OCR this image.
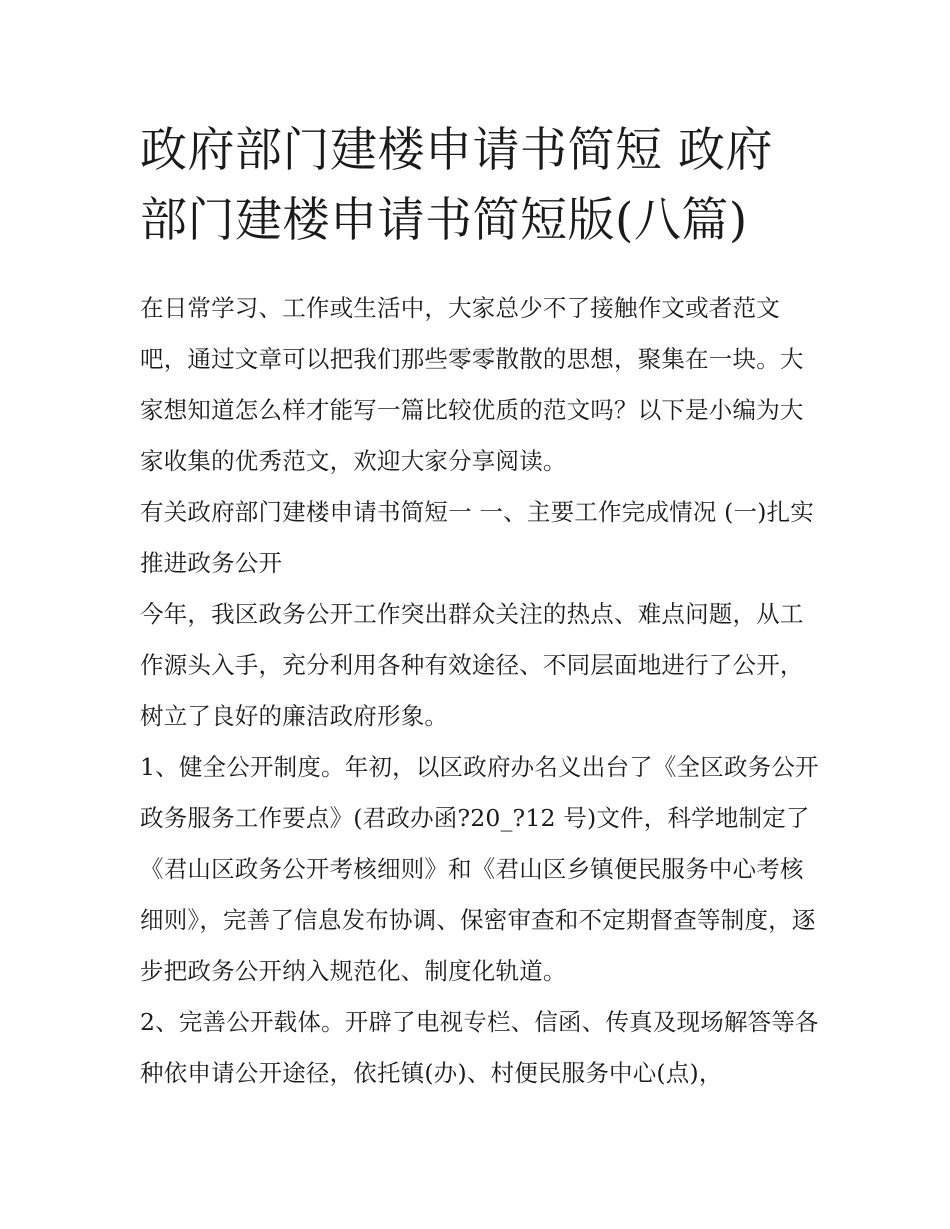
政府部门建楼申请书简短 政府部门建楼申请书简短版(八篇)

在日常学习、工作或生活中，大家总少不了接触作文或者范文吧，通过文章可以把我们那些零零散散的思想，聚集在一块。大家想知道怎么样才能写一篇比较优质的范文吗？以下是小编为大家收集的优秀范文，欢迎大家分享阅读。

有关政府部门建楼申请书简短一 一、主要工作完成情况 (一)扎实推进政务公开

今年，我区政务公开工作突出群众关注的热点、难点问题，从工作源头入手，充分利用各种有效途径、不同层面地进行了公开，树立了良好的廉洁政府形象。

1、健全公开制度。年初，以区政府办名义出台了《全区政务公开政务服务工作要点》(君政办函?20_?12 号)文件，科学地制定了《君山区政务公开考核细则》和《君山区乡镇便民服务中心考核细则》，完善了信息发布协调、保密审查和不定期督查等制度，逐步把政务公开纳入规范化、制度化轨道。

2、完善公开载体。开辟了电视专栏、信函、传真及现场解答等各种依申请公开途径，依托镇(办)、村便民服务中心(点)，
